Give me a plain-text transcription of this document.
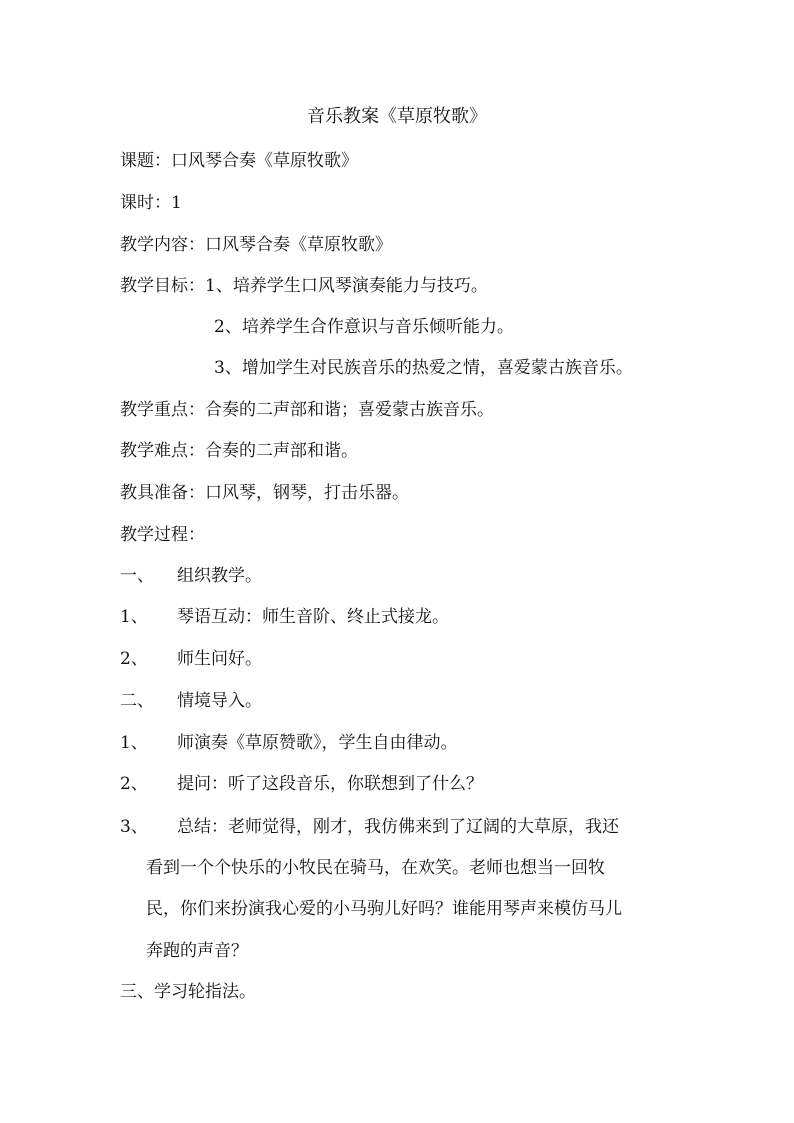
音乐教案《草原牧歌》
课题：口风琴合奏《草原牧歌》
课时：1
教学内容：口风琴合奏《草原牧歌》
教学目标：1、培养学生口风琴演奏能力与技巧。
2、培养学生合作意识与音乐倾听能力。
3、增加学生对民族音乐的热爱之情，喜爱蒙古族音乐。
教学重点：合奏的二声部和谐；喜爱蒙古族音乐。
教学难点：合奏的二声部和谐。
教具准备：口风琴，钢琴，打击乐器。
教学过程：
一、 组织教学。
1、 琴语互动：师生音阶、终止式接龙。
2、 师生问好。
二、 情境导入。
1、 师演奏《草原赞歌》，学生自由律动。
2、 提问：听了这段音乐，你联想到了什么？
3、 总结：老师觉得，刚才，我仿佛来到了辽阔的大草原，我还
看到一个个快乐的小牧民在骑马，在欢笑。老师也想当一回牧
民，你们来扮演我心爱的小马驹儿好吗？谁能用琴声来模仿马儿
奔跑的声音？
三、学习轮指法。
